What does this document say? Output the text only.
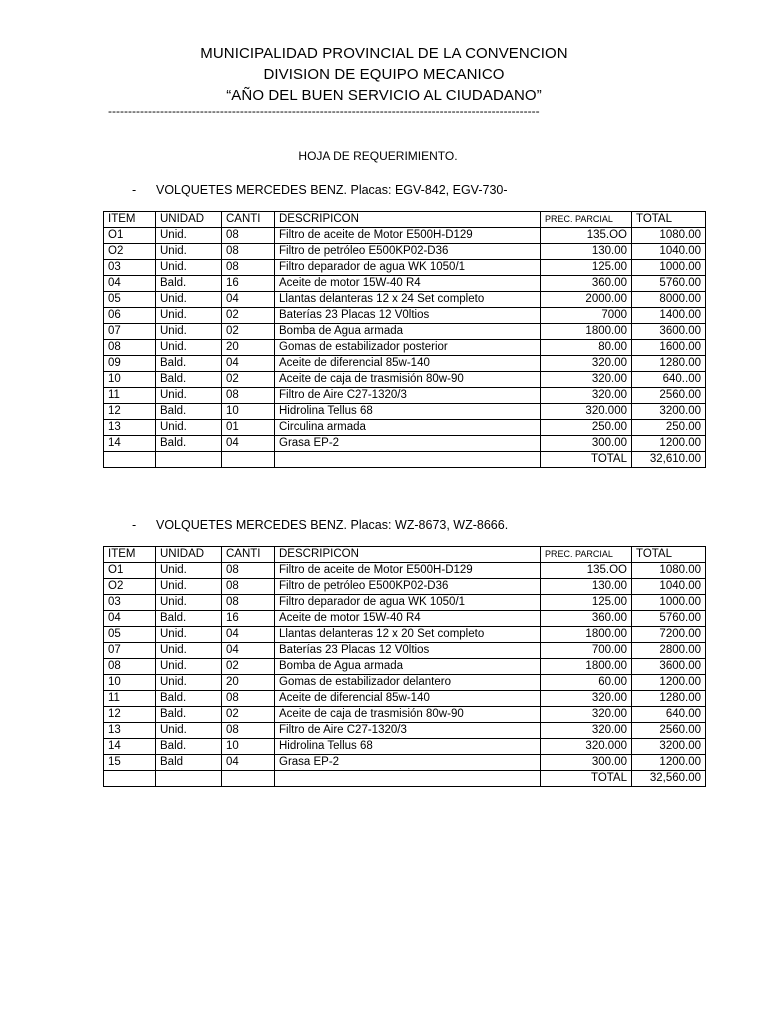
MUNICIPALIDAD PROVINCIAL DE LA CONVENCION
DIVISION DE EQUIPO MECANICO
“AÑO DEL BUEN SERVICIO AL CIUDADANO”
------------------------------------------------------------------------------------------------------------
HOJA DE REQUERIMIENTO.
- VOLQUETES MERCEDES BENZ. Placas: EGV-842, EGV-730-
ITEM	UNIDAD	CANTI	DESCRIPICON	PREC. PARCIAL	TOTAL
O1	Unid.	08	Filtro de aceite de Motor E500H-D129	135.OO	1080.00
O2	Unid.	08	Filtro de petróleo E500KP02-D36	130.00	1040.00
03	Unid.	08	Filtro deparador de agua WK 1050/1	125.00	1000.00
04	Bald.	16	Aceite de motor 15W-40 R4	360.00	5760.00
05	Unid.	04	Llantas delanteras 12 x 24 Set completo	2000.00	8000.00
06	Unid.	02	Baterías 23 Placas 12 V0ltios	7000	1400.00
07	Unid.	02	Bomba de Agua armada	1800.00	3600.00
08	Unid.	20	Gomas de estabilizador posterior	80.00	1600.00
09	Bald.	04	Aceite de diferencial 85w-140	320.00	1280.00
10	Bald.	02	Aceite de caja de trasmisión 80w-90	320.00	640..00
11	Unid.	08	Filtro de Aire C27-1320/3	320.00	2560.00
12	Bald.	10	Hidrolina Tellus 68	320.000	3200.00
13	Unid.	01	Circulina armada	250.00	250.00
14	Bald.	04	Grasa EP-2	300.00	1200.00
				TOTAL	32,610.00
- VOLQUETES MERCEDES BENZ. Placas: WZ-8673, WZ-8666.
ITEM	UNIDAD	CANTI	DESCRIPICON	PREC. PARCIAL	TOTAL
O1	Unid.	08	Filtro de aceite de Motor E500H-D129	135.OO	1080.00
O2	Unid.	08	Filtro de petróleo E500KP02-D36	130.00	1040.00
03	Unid.	08	Filtro deparador de agua WK 1050/1	125.00	1000.00
04	Bald.	16	Aceite de motor 15W-40 R4	360.00	5760.00
05	Unid.	04	Llantas delanteras 12 x 20 Set completo	1800.00	7200.00
07	Unid.	04	Baterías 23 Placas 12 V0ltios	700.00	2800.00
08	Unid.	02	Bomba de Agua armada	1800.00	3600.00
10	Unid.	20	Gomas de estabilizador delantero	60.00	1200.00
11	Bald.	08	Aceite de diferencial 85w-140	320.00	1280.00
12	Bald.	02	Aceite de caja de trasmisión 80w-90	320.00	640.00
13	Unid.	08	Filtro de Aire C27-1320/3	320.00	2560.00
14	Bald.	10	Hidrolina Tellus 68	320.000	3200.00
15	Bald	04	Grasa EP-2	300.00	1200.00
				TOTAL	32,560.00
